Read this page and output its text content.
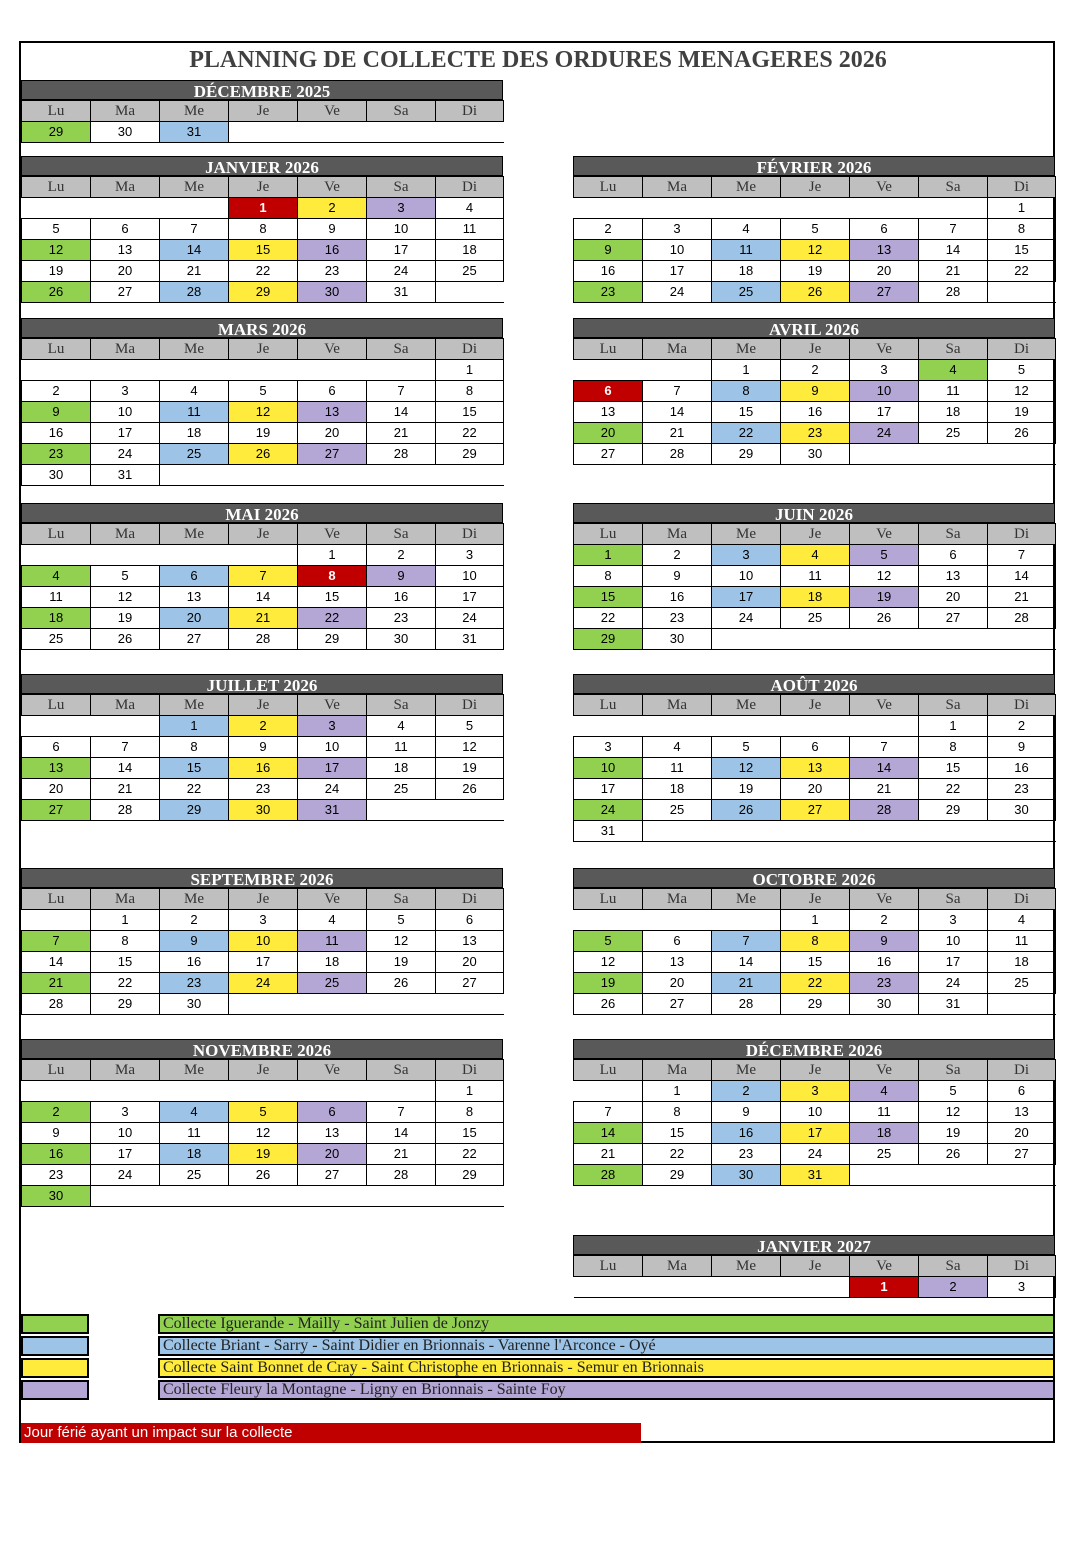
PLANNING DE COLLECTE DES ORDURES MENAGERES 2026
DÉCEMBRE 2025
Lu	Ma	Me	Je	Ve	Sa	Di
29	30	31				
JANVIER 2026
Lu	Ma	Me	Je	Ve	Sa	Di
			1	2	3	4
5	6	7	8	9	10	11
12	13	14	15	16	17	18
19	20	21	22	23	24	25
26	27	28	29	30	31	
FÉVRIER 2026
Lu	Ma	Me	Je	Ve	Sa	Di
						1
2	3	4	5	6	7	8
9	10	11	12	13	14	15
16	17	18	19	20	21	22
23	24	25	26	27	28	
MARS 2026
Lu	Ma	Me	Je	Ve	Sa	Di
						1
2	3	4	5	6	7	8
9	10	11	12	13	14	15
16	17	18	19	20	21	22
23	24	25	26	27	28	29
30	31					
AVRIL 2026
Lu	Ma	Me	Je	Ve	Sa	Di
		1	2	3	4	5
6	7	8	9	10	11	12
13	14	15	16	17	18	19
20	21	22	23	24	25	26
27	28	29	30			
MAI 2026
Lu	Ma	Me	Je	Ve	Sa	Di
				1	2	3
4	5	6	7	8	9	10
11	12	13	14	15	16	17
18	19	20	21	22	23	24
25	26	27	28	29	30	31
JUIN 2026
Lu	Ma	Me	Je	Ve	Sa	Di
1	2	3	4	5	6	7
8	9	10	11	12	13	14
15	16	17	18	19	20	21
22	23	24	25	26	27	28
29	30					
JUILLET 2026
Lu	Ma	Me	Je	Ve	Sa	Di
		1	2	3	4	5
6	7	8	9	10	11	12
13	14	15	16	17	18	19
20	21	22	23	24	25	26
27	28	29	30	31		
AOÛT 2026
Lu	Ma	Me	Je	Ve	Sa	Di
					1	2
3	4	5	6	7	8	9
10	11	12	13	14	15	16
17	18	19	20	21	22	23
24	25	26	27	28	29	30
31						
SEPTEMBRE 2026
Lu	Ma	Me	Je	Ve	Sa	Di
	1	2	3	4	5	6
7	8	9	10	11	12	13
14	15	16	17	18	19	20
21	22	23	24	25	26	27
28	29	30				
OCTOBRE 2026
Lu	Ma	Me	Je	Ve	Sa	Di
			1	2	3	4
5	6	7	8	9	10	11
12	13	14	15	16	17	18
19	20	21	22	23	24	25
26	27	28	29	30	31	
NOVEMBRE 2026
Lu	Ma	Me	Je	Ve	Sa	Di
						1
2	3	4	5	6	7	8
9	10	11	12	13	14	15
16	17	18	19	20	21	22
23	24	25	26	27	28	29
30						
DÉCEMBRE 2026
Lu	Ma	Me	Je	Ve	Sa	Di
	1	2	3	4	5	6
7	8	9	10	11	12	13
14	15	16	17	18	19	20
21	22	23	24	25	26	27
28	29	30	31			
JANVIER 2027
Lu	Ma	Me	Je	Ve	Sa	Di
				1	2	3
Collecte Iguerande - Mailly - Saint Julien de Jonzy
Collecte Briant - Sarry - Saint Didier en Brionnais - Varenne l'Arconce - Oyé
Collecte Saint Bonnet de Cray - Saint Christophe en Brionnais - Semur en Brionnais
Collecte Fleury la Montagne - Ligny en Brionnais - Sainte Foy
Jour férié ayant un impact sur la collecte
